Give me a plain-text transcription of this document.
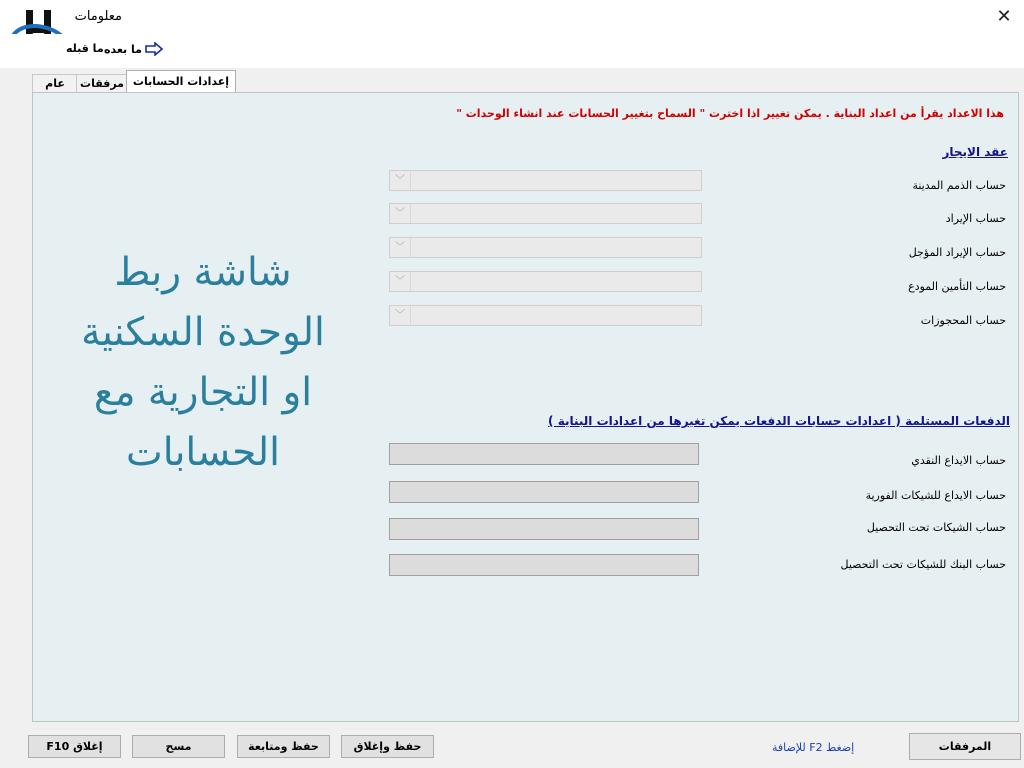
معلومات	✕
ما بعده
ما قبله
عام	مرفقات إعدادات الحسابات
هذا الاعداد يقرأ من اعداد البناية . يمكن تغيير اذا اخترت " السماح بتغيير الحسابات عند انشاء الوحدات "
عقد الايجار
حساب الذمم المدينة
﹀
حساب الإيراد
﹀
حساب الإيراد المؤجل
﹀
حساب التأمين المودع
﹀
حساب المحجوزات
﹀
الدفعات المستلمة ( اعدادات حسابات الدفعات يمكن تغيرها من اعدادات البناية )
حساب الايداع النقدي
حساب الايداع للشيكات الفورية
حساب الشيكات تحت التحصيل
حساب البنك للشيكات تحت التحصيل
شاشة ربط
الوحدة السكنية
او التجارية مع
الحسابات
إغلاق F10	مسح	حفظ ومتابعة	حفظ وإغلاق	إضغط F2 للإضافة	المرفقات
